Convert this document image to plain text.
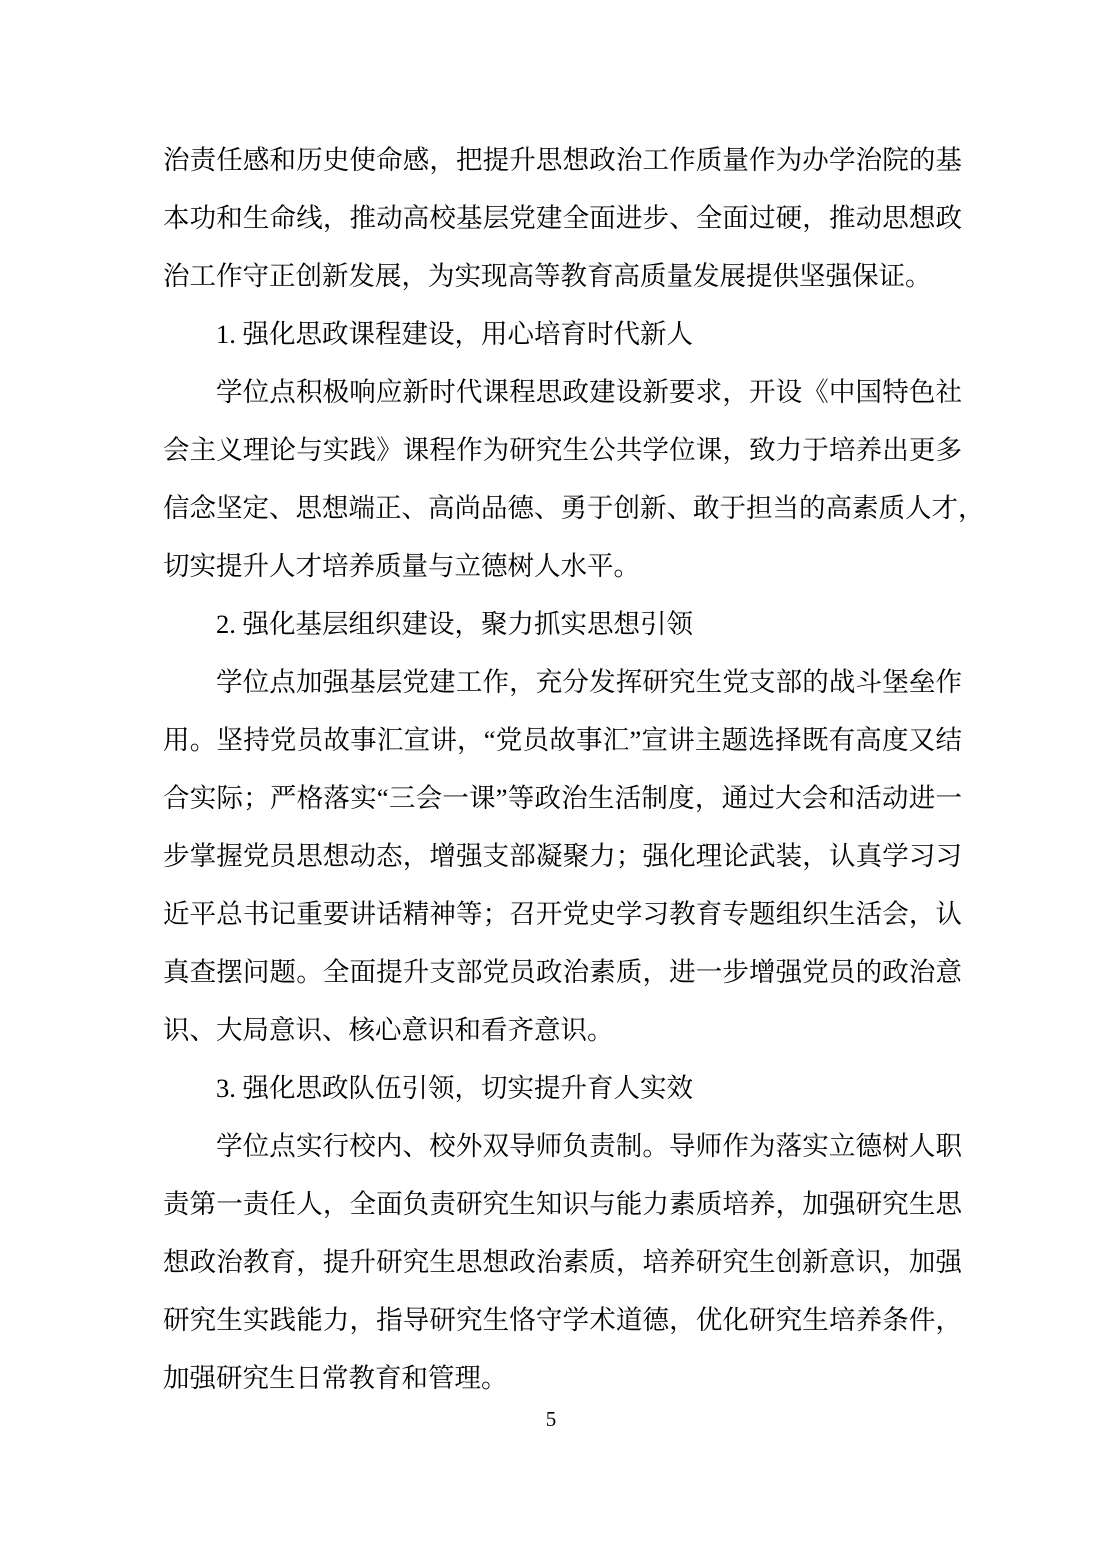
治责任感和历史使命感，把提升思想政治工作质量作为办学治院的基
本功和生命线，推动高校基层党建全面进步、全面过硬，推动思想政
治工作守正创新发展，为实现高等教育高质量发展提供坚强保证。
1. 强化思政课程建设，用心培育时代新人
学位点积极响应新时代课程思政建设新要求，开设《中国特色社
会主义理论与实践》课程作为研究生公共学位课，致力于培养出更多
信念坚定、思想端正、高尚品德、勇于创新、敢于担当的高素质人才，
切实提升人才培养质量与立德树人水平。
2. 强化基层组织建设，聚力抓实思想引领
学位点加强基层党建工作，充分发挥研究生党支部的战斗堡垒作
用。坚持党员故事汇宣讲，“党员故事汇”宣讲主题选择既有高度又结
合实际；严格落实“三会一课”等政治生活制度，通过大会和活动进一
步掌握党员思想动态，增强支部凝聚力；强化理论武装，认真学习习
近平总书记重要讲话精神等；召开党史学习教育专题组织生活会，认
真查摆问题。全面提升支部党员政治素质，进一步增强党员的政治意
识、大局意识、核心意识和看齐意识。
3. 强化思政队伍引领，切实提升育人实效
学位点实行校内、校外双导师负责制。导师作为落实立德树人职
责第一责任人，全面负责研究生知识与能力素质培养，加强研究生思
想政治教育，提升研究生思想政治素质，培养研究生创新意识，加强
研究生实践能力，指导研究生恪守学术道德，优化研究生培养条件，
加强研究生日常教育和管理。
5
